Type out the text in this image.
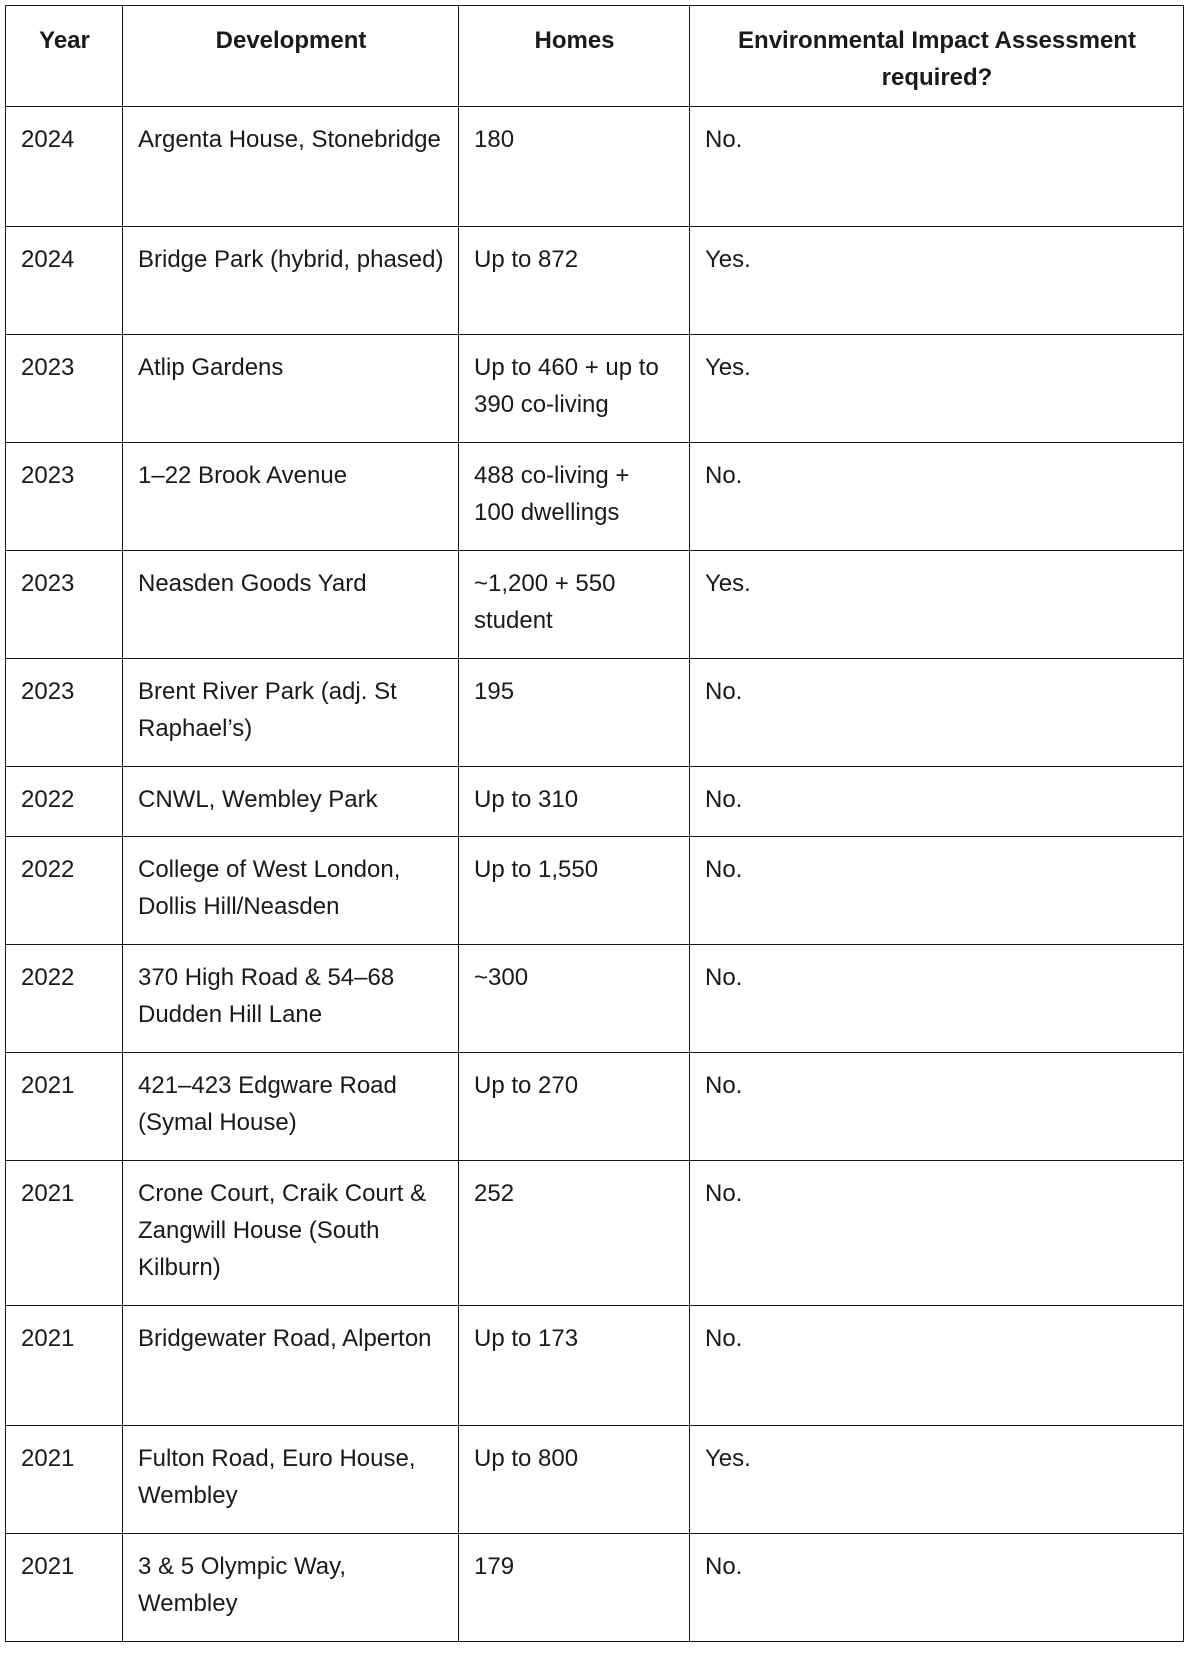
Year	Development	Homes	Environmental Impact Assessment required?
2024	Argenta House, Stonebridge	180	No.
2024	Bridge Park (hybrid, phased)	Up to 872	Yes.
2023	Atlip Gardens	Up to 460 + up to 390 co-living	Yes.
2023	1–22 Brook Avenue	488 co-living + 100 dwellings	No.
2023	Neasden Goods Yard	~1,200 + 550 student	Yes.
2023	Brent River Park (adj. St Raphael’s)	195	No.
2022	CNWL, Wembley Park	Up to 310	No.
2022	College of West London, Dollis Hill/Neasden	Up to 1,550	No.
2022	370 High Road & 54–68 Dudden Hill Lane	~300	No.
2021	421–423 Edgware Road (Symal House)	Up to 270	No.
2021	Crone Court, Craik Court & Zangwill House (South Kilburn)	252	No.
2021	Bridgewater Road, Alperton	Up to 173	No.
2021	Fulton Road, Euro House, Wembley	Up to 800	Yes.
2021	3 & 5 Olympic Way, Wembley	179	No.
